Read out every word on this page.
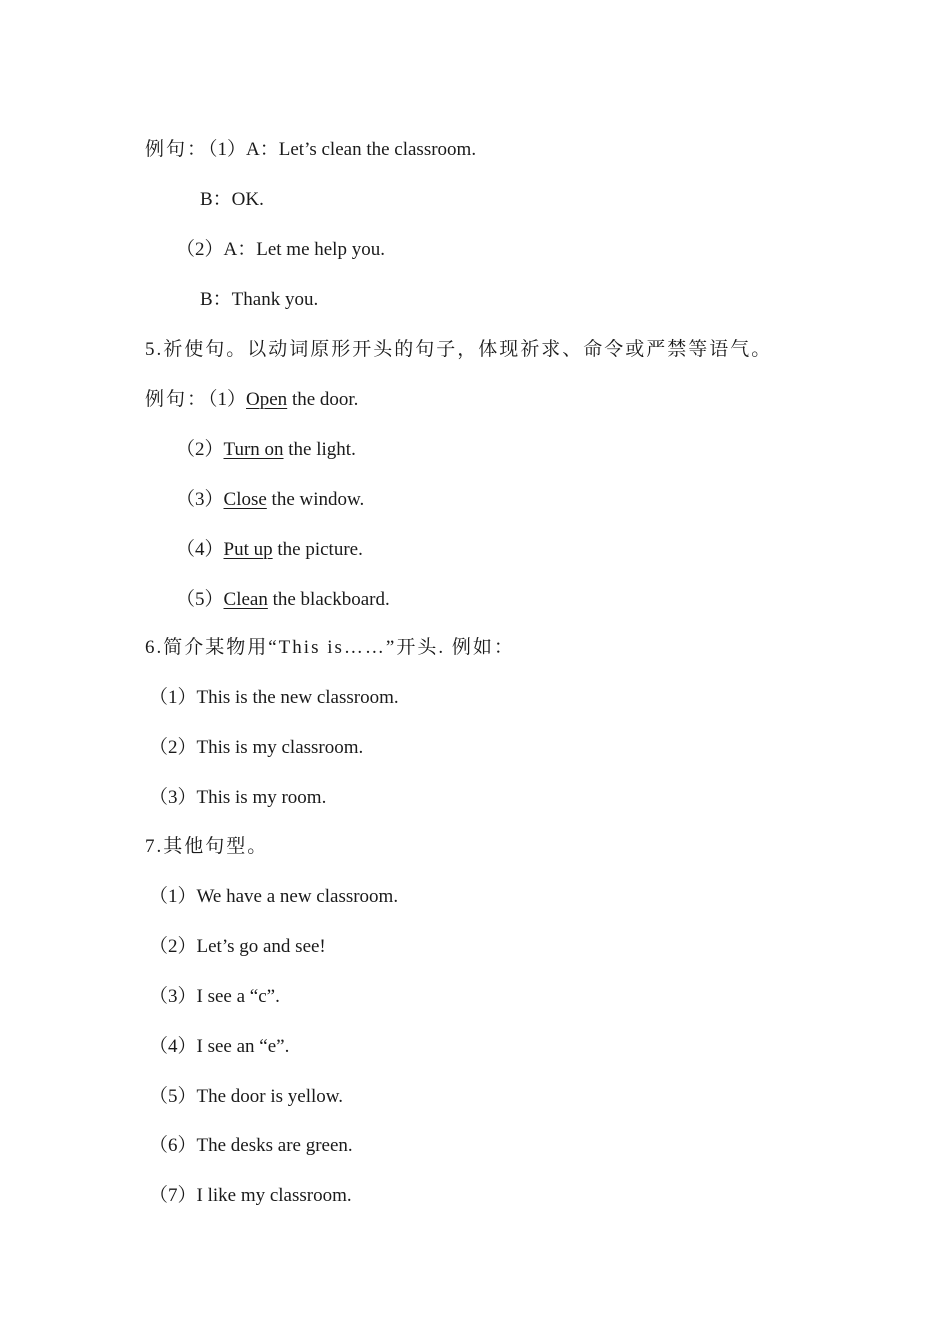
例句：（1）A：Let’s clean the classroom.
B：OK.
（2）A：Let me help you.
B：Thank you.
5.祈使句。以动词原形开头的句子，体现祈求、命令或严禁等语气。
例句：（1）Open the door.
（2）Turn on the light.
（3）Close the window.
（4）Put up the picture.
（5）Clean the blackboard.
6.简介某物用“This is……”开头. 例如：
（1）This is the new classroom.
（2）This is my classroom.
（3）This is my room.
7.其他句型。
（1）We have a new classroom.
（2）Let’s go and see!
（3）I see a “c”.
（4）I see an “e”.
（5）The door is yellow.
（6）The desks are green.
（7）I like my classroom.
